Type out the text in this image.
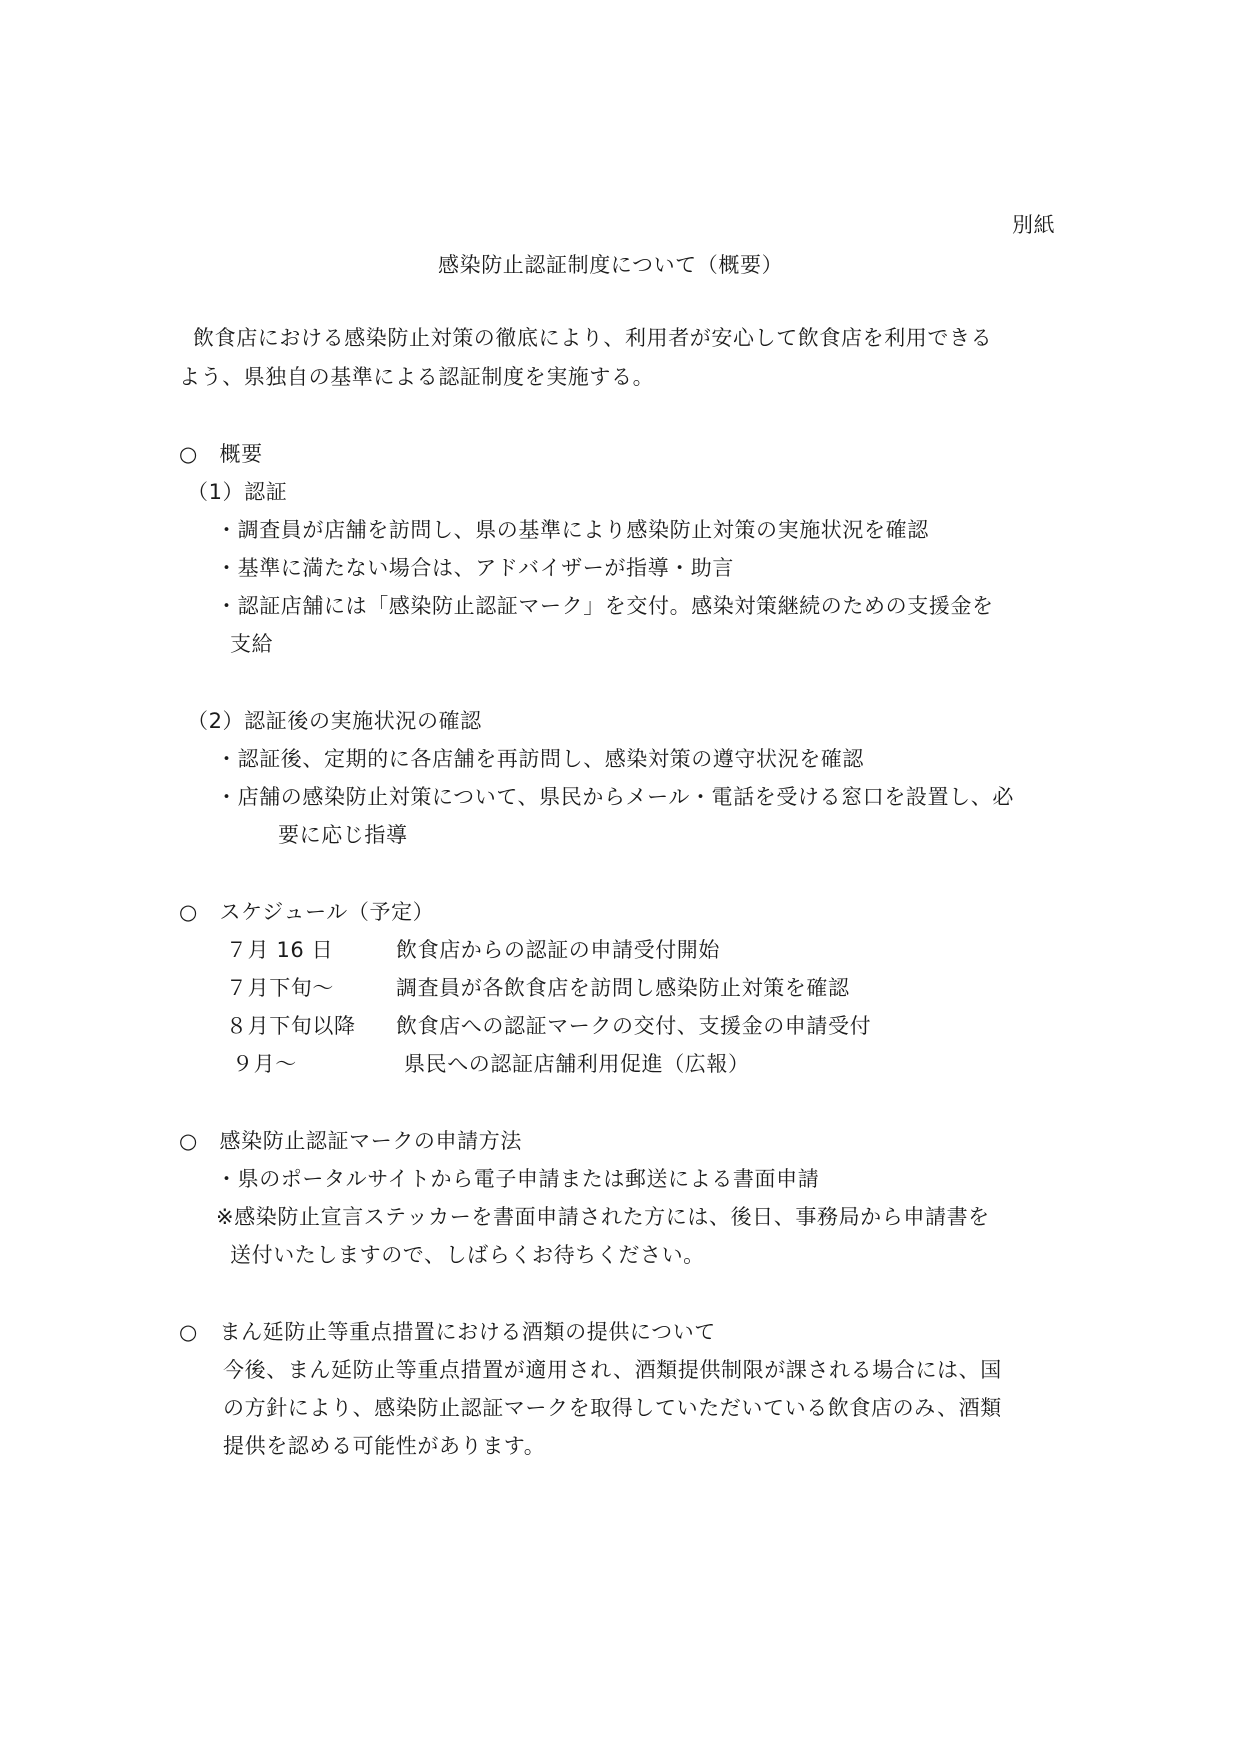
別紙
感染防止認証制度について（概要）
飲食店における感染防止対策の徹底により、利用者が安心して飲食店を利用できる
よう、県独自の基準による認証制度を実施する。
○　概要
（1）認証
・調査員が店舗を訪問し、県の基準により感染防止対策の実施状況を確認
・基準に満たない場合は、アドバイザーが指導・助言
・認証店舗には「感染防止認証マーク」を交付。感染対策継続のための支援金を
支給
（2）認証後の実施状況の確認
・認証後、定期的に各店舗を再訪問し、感染対策の遵守状況を確認
・店舗の感染防止対策について、県民からメール・電話を受ける窓口を設置し、必
要に応じ指導
○　スケジュール（予定）
７月 16 日	飲食店からの認証の申請受付開始
７月下旬～	調査員が各飲食店を訪問し感染防止対策を確認
８月下旬以降 飲食店への認証マークの交付、支援金の申請受付
９月～	県民への認証店舗利用促進（広報）
○　感染防止認証マークの申請方法
・県のポータルサイトから電子申請または郵送による書面申請
※感染防止宣言ステッカーを書面申請された方には、後日、事務局から申請書を
送付いたしますので、しばらくお待ちください。
○　まん延防止等重点措置における酒類の提供について
今後、まん延防止等重点措置が適用され、酒類提供制限が課される場合には、国
の方針により、感染防止認証マークを取得していただいている飲食店のみ、酒類
提供を認める可能性があります。
